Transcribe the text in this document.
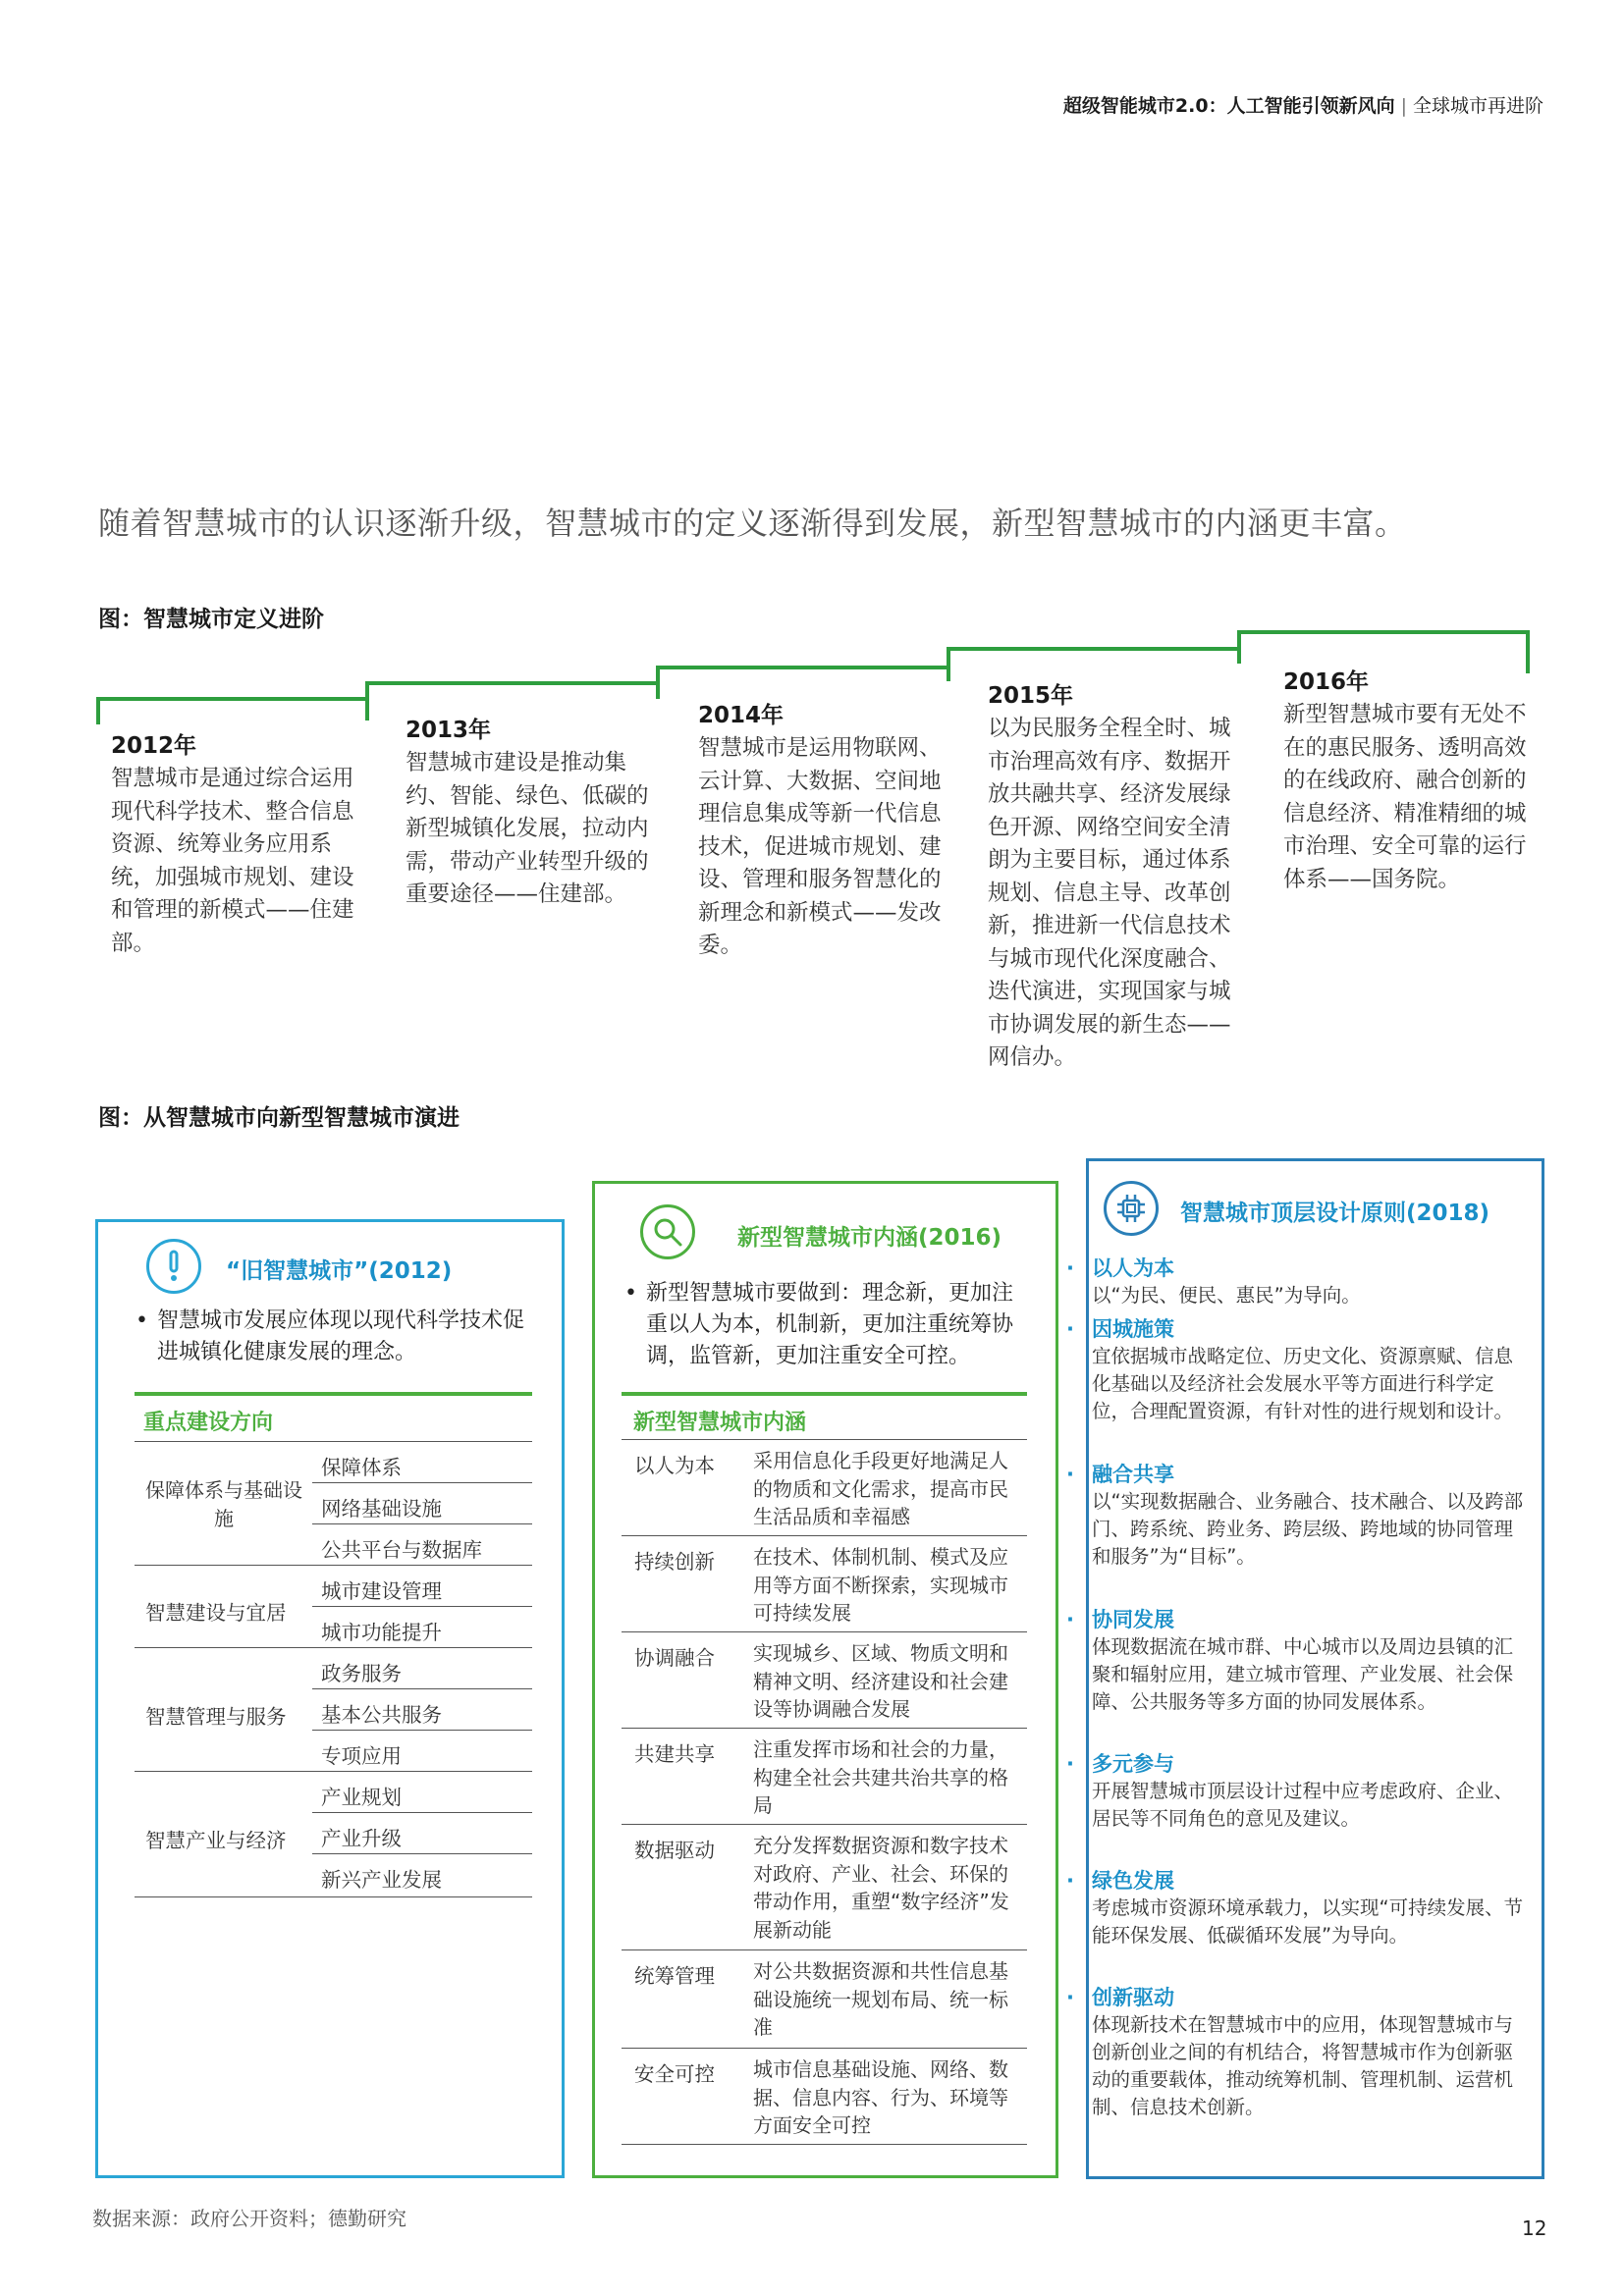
超级智能城市2.0：人工智能引领新风向 | 全球城市再进阶
随着智慧城市的认识逐渐升级，智慧城市的定义逐渐得到发展，新型智慧城市的内涵更丰富。
图：智慧城市定义进阶
2012年
智慧城市是通过综合运用现代科学技术、整合信息资源、统筹业务应用系统，加强城市规划、建设和管理的新模式——住建部。
2013年
智慧城市建设是推动集约、智能、绿色、低碳的新型城镇化发展，拉动内需，带动产业转型升级的重要途径——住建部。
2014年
智慧城市是运用物联网、云计算、大数据、空间地理信息集成等新一代信息技术，促进城市规划、建设、管理和服务智慧化的新理念和新模式——发改委。
2015年
以为民服务全程全时、城市治理高效有序、数据开放共融共享、经济发展绿色开源、网络空间安全清朗为主要目标，通过体系规划、信息主导、改革创新，推进新一代信息技术与城市现代化深度融合、迭代演进，实现国家与城市协调发展的新生态——网信办。
2016年
新型智慧城市要有无处不在的惠民服务、透明高效的在线政府、融合创新的信息经济、精准精细的城市治理、安全可靠的运行体系——国务院。
图：从智慧城市向新型智慧城市演进
“旧智慧城市”(2012)
• 智慧城市发展应体现以现代科学技术促进城镇化健康发展的理念。
重点建设方向
保障体系与基础设施
保障体系
网络基础设施
公共平台与数据库
智慧建设与宜居
城市建设管理
城市功能提升
智慧管理与服务
政务服务
基本公共服务
专项应用
智慧产业与经济
产业规划
产业升级
新兴产业发展
新型智慧城市内涵(2016)
• 新型智慧城市要做到：理念新，更加注重以人为本，机制新，更加注重统筹协调，监管新，更加注重安全可控。
新型智慧城市内涵
以人为本 采用信息化手段更好地满足人的物质和文化需求，提高市民生活品质和幸福感
持续创新 在技术、体制机制、模式及应用等方面不断探索，实现城市可持续发展
协调融合 实现城乡、区域、物质文明和精神文明、经济建设和社会建设等协调融合发展
共建共享 注重发挥市场和社会的力量，构建全社会共建共治共享的格局
数据驱动 充分发挥数据资源和数字技术对政府、产业、社会、环保的带动作用，重塑“数字经济”发展新动能
统筹管理 对公共数据资源和共性信息基础设施统一规划布局、统一标准
安全可控 城市信息基础设施、网络、数据、信息内容、行为、环境等方面安全可控
智慧城市顶层设计原则(2018)
· 以人为本
以“为民、便民、惠民”为导向。
· 因城施策
宜依据城市战略定位、历史文化、资源禀赋、信息化基础以及经济社会发展水平等方面进行科学定位，合理配置资源，有针对性的进行规划和设计。
· 融合共享
以“实现数据融合、业务融合、技术融合、以及跨部门、跨系统、跨业务、跨层级、跨地域的协同管理和服务”为“目标”。
· 协同发展
体现数据流在城市群、中心城市以及周边县镇的汇聚和辐射应用，建立城市管理、产业发展、社会保障、公共服务等多方面的协同发展体系。
· 多元参与
开展智慧城市顶层设计过程中应考虑政府、企业、居民等不同角色的意见及建议。
· 绿色发展
考虑城市资源环境承载力，以实现“可持续发展、节能环保发展、低碳循环发展”为导向。
· 创新驱动
体现新技术在智慧城市中的应用，体现智慧城市与创新创业之间的有机结合，将智慧城市作为创新驱动的重要载体，推动统筹机制、管理机制、运营机制、信息技术创新。
数据来源：政府公开资料；德勤研究	12
